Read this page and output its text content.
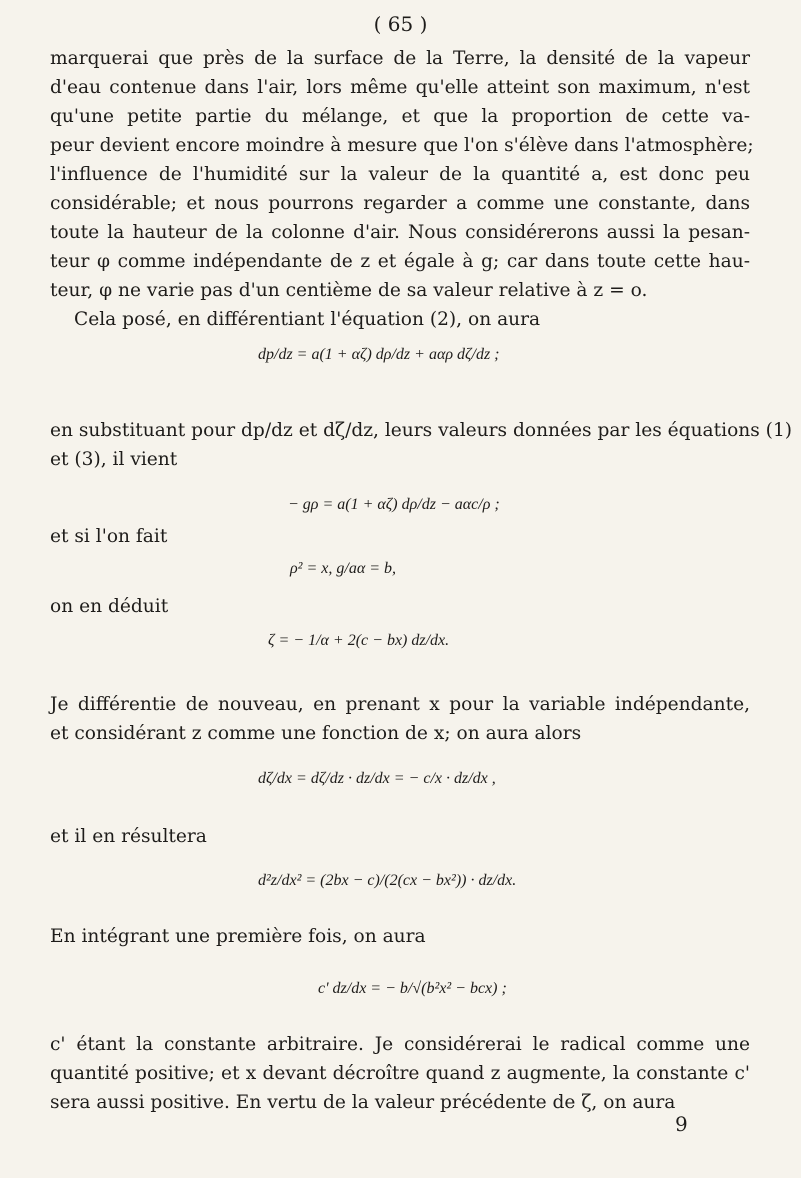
( 65 )
marquerai que près de la surface de la Terre, la densité de la vapeur
d'eau contenue dans l'air, lors même qu'elle atteint son maximum, n'est
qu'une petite partie du mélange, et que la proportion de cette va-
peur devient encore moindre à mesure que l'on s'élève dans l'atmosphère;
l'influence de l'humidité sur la valeur de la quantité a, est donc peu
considérable; et nous pourrons regarder a comme une constante, dans
toute la hauteur de la colonne d'air. Nous considérerons aussi la pesan-
teur φ comme indépendante de z et égale à g; car dans toute cette hau-
teur, φ ne varie pas d'un centième de sa valeur relative à z = o.
Cela posé, en différentiant l'équation (2), on aura
dp/dz = a(1 + αζ) dρ/dz + aαρ dζ/dz ;
en substituant pour dp/dz et dζ/dz, leurs valeurs données par les équations (1)
et (3), il vient
− gρ = a(1 + αζ) dρ/dz − aαc/ρ ;
et si l'on fait
ρ² = x, g/aα = b,
on en déduit
ζ = − 1/α + 2(c − bx) dz/dx.
Je différentie de nouveau, en prenant x pour la variable indépendante,
et considérant z comme une fonction de x; on aura alors
dζ/dx = dζ/dz · dz/dx = − c/x · dz/dx ,
et il en résultera
d²z/dx² = (2bx − c)/(2(cx − bx²)) · dz/dx.
En intégrant une première fois, on aura
c' dz/dx = − b/√(b²x² − bcx) ;
c' étant la constante arbitraire. Je considérerai le radical comme une
quantité positive; et x devant décroître quand z augmente, la constante c'
sera aussi positive. En vertu de la valeur précédente de ζ, on aura
9
